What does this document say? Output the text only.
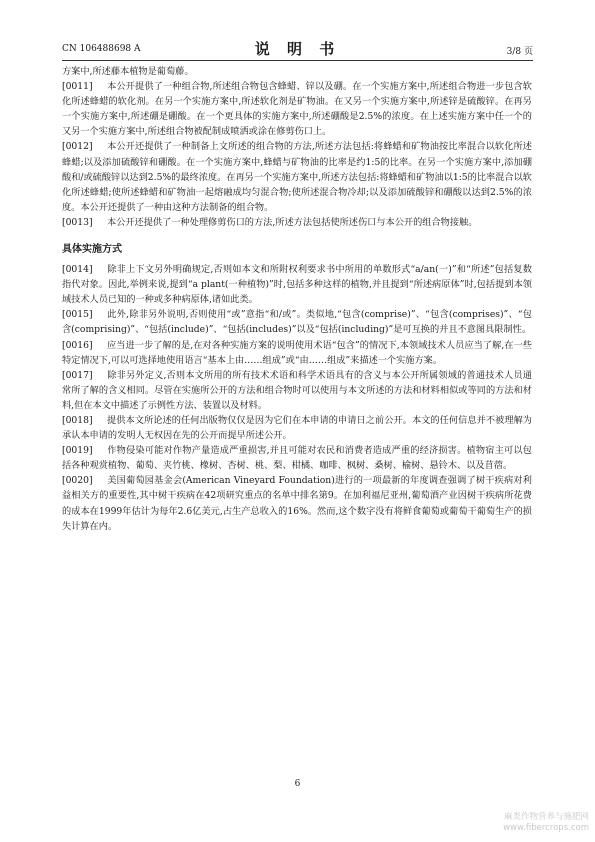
CN 106488698 A	说 明 书	3/8 页

方案中,所述藤本植物是葡萄藤。

[0011] 本公开提供了一种组合物,所述组合物包含蜂蜡、锌以及硼。在一个实施方案中,所述组合物进一步包含软化所述蜂蜡的软化剂。在另一个实施方案中,所述软化剂是矿物油。在又另一个实施方案中,所述锌是硫酸锌。在再另一个实施方案中,所述硼是硼酸。在一个更具体的实施方案中,所述硼酸是2.5%的浓度。在上述实施方案中任一个的又另一个实施方案中,所述组合物被配制成喷洒或涂在修剪伤口上。

[0012] 本公开还提供了一种制备上文所述的组合物的方法,所述方法包括:将蜂蜡和矿物油按比率混合以软化所述蜂蜡;以及添加硫酸锌和硼酸。在一个实施方案中,蜂蜡与矿物油的比率是约1:5的比率。在另一个实施方案中,添加硼酸和/或硫酸锌以达到2.5%的最终浓度。在再另一个实施方案中,所述方法包括:将蜂蜡和矿物油以1:5的比率混合以软化所述蜂蜡;使所述蜂蜡和矿物油一起熔融成均匀混合物;使所述混合物冷却;以及添加硫酸锌和硼酸以达到2.5%的浓度。本公开还提供了一种由这种方法制备的组合物。

[0013] 本公开还提供了一种处理修剪伤口的方法,所述方法包括使所述伤口与本公开的组合物接触。

具体实施方式

[0014] 除非上下文另外明确规定,否则如本文和所附权利要求书中所用的单数形式“a/an(一)”和“所述”包括复数指代对象。因此,举例来说,提到“a plant(一种植物)”时,包括多种这样的植物,并且提到“所述病原体”时,包括提到本领域技术人员已知的一种或多种病原体,诸如此类。

[0015] 此外,除非另外说明,否则使用“或”意指“和/或”。类似地,“包含(comprise)”、“包含(comprises)”、“包含(comprising)”、“包括(include)”、“包括(includes)”以及“包括(including)”是可互换的并且不意图具限制性。

[0016] 应当进一步了解的是,在对各种实施方案的说明使用术语“包含”的情况下,本领域技术人员应当了解,在一些特定情况下,可以可选择地使用语言“基本上由……组成”或“由……组成”来描述一个实施方案。

[0017] 除非另外定义,否则本文所用的所有技术术语和科学术语具有的含义与本公开所属领域的普通技术人员通常所了解的含义相同。尽管在实施所公开的方法和组合物时可以使用与本文所述的方法和材料相似或等同的方法和材料,但在本文中描述了示例性方法、装置以及材料。

[0018] 提供本文所论述的任何出版物仅仅是因为它们在本申请的申请日之前公开。本文的任何信息并不被理解为承认本申请的发明人无权因在先的公开而提早所述公开。

[0019] 作物侵染可能对作物产量造成严重损害,并且可能对农民和消费者造成严重的经济损害。植物宿主可以包括各种观赏植物、葡萄、夹竹桃、橡树、杏树、桃、梨、柑橘、咖啡、枫树、桑树、榆树、悬铃木、以及苜蓿。

[0020] 美国葡萄园基金会(American Vineyard Foundation)进行的一项最新的年度调查强调了树干疾病对利益相关方的重要性,其中树干疾病在42项研究重点的名单中排名第9。在加利福尼亚州,葡萄酒产业因树干疾病所花费的成本在1999年估计为每年2.6亿美元,占生产总收入的16%。然而,这个数字没有将鲜食葡萄或葡萄干葡萄生产的损失计算在内。

6
麻类作物营养与施肥网
www.fibercrops.com
